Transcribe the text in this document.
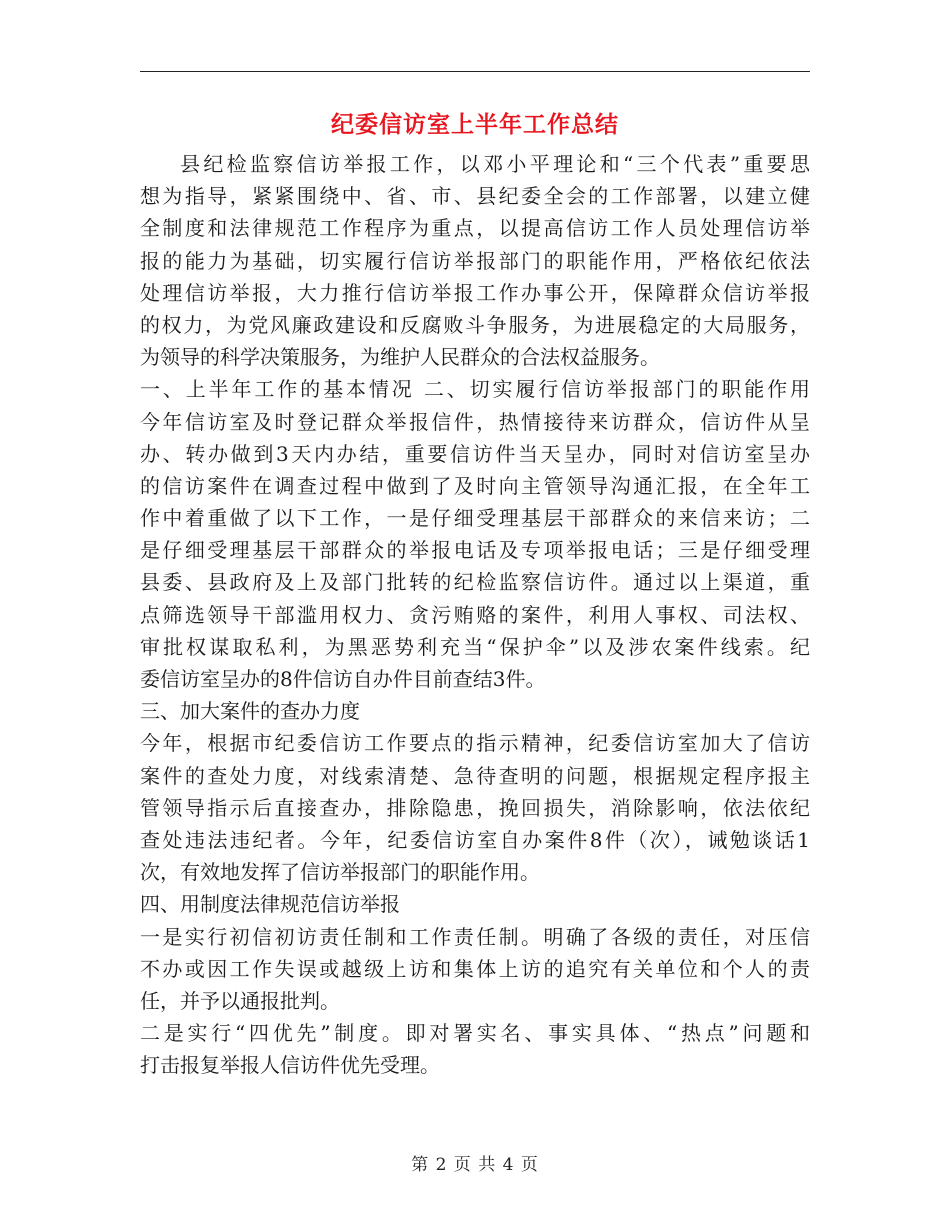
纪委信访室上半年工作总结
县纪检监察信访举报工作，以邓小平理论和“三个代表”重要思
想为指导，紧紧围绕中、省、市、县纪委全会的工作部署，以建立健
全制度和法律规范工作程序为重点，以提高信访工作人员处理信访举
报的能力为基础，切实履行信访举报部门的职能作用，严格依纪依法
处理信访举报，大力推行信访举报工作办事公开，保障群众信访举报
的权力，为党风廉政建设和反腐败斗争服务，为进展稳定的大局服务，
为领导的科学决策服务，为维护人民群众的合法权益服务。
一、上半年工作的基本情况 二、切实履行信访举报部门的职能作用
今年信访室及时登记群众举报信件，热情接待来访群众，信访件从呈
办、转办做到3天内办结，重要信访件当天呈办，同时对信访室呈办
的信访案件在调查过程中做到了及时向主管领导沟通汇报，在全年工
作中着重做了以下工作，一是仔细受理基层干部群众的来信来访；二
是仔细受理基层干部群众的举报电话及专项举报电话；三是仔细受理
县委、县政府及上及部门批转的纪检监察信访件。通过以上渠道，重
点筛选领导干部滥用权力、贪污贿赂的案件，利用人事权、司法权、
审批权谋取私利，为黑恶势利充当“保护伞”以及涉农案件线索。纪
委信访室呈办的8件信访自办件目前查结3件。
三、加大案件的查办力度
今年，根据市纪委信访工作要点的指示精神，纪委信访室加大了信访
案件的查处力度，对线索清楚、急待查明的问题，根据规定程序报主
管领导指示后直接查办，排除隐患，挽回损失，消除影响，依法依纪
查处违法违纪者。今年，纪委信访室自办案件8件（次），诫勉谈话1
次，有效地发挥了信访举报部门的职能作用。
四、用制度法律规范信访举报
一是实行初信初访责任制和工作责任制。明确了各级的责任，对压信
不办或因工作失误或越级上访和集体上访的追究有关单位和个人的责
任，并予以通报批判。
二是实行“四优先”制度。即对署实名、事实具体、“热点”问题和
打击报复举报人信访件优先受理。
第 2 页 共 4 页
